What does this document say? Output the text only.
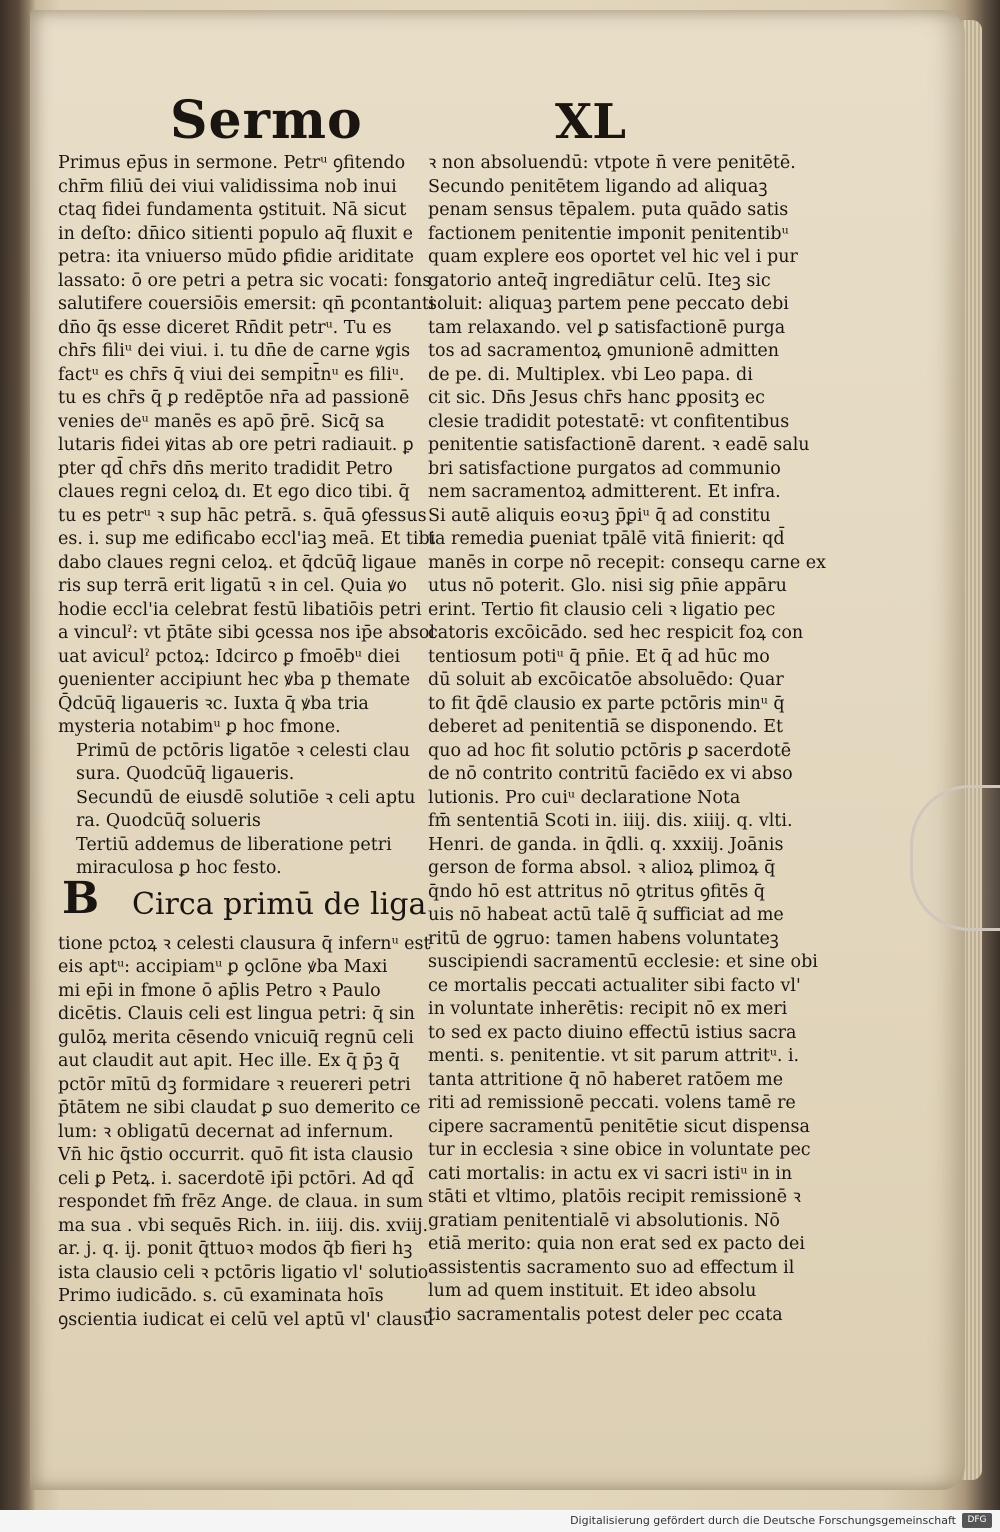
Sermo	XL

Primus ep̄us in sermone. Petrᵘ ꝯfitendo

chr̄m filiū dei viui validissima nob inui

ctaq fidei fundamenta ꝯstituit. Nā sicut

in deſto: dn̄ico sitienti populo aq̄ fluxit e

petra: ita vniuerso mūdo ꝑfidie ariditate

lassato: ō ore petri a petra sic vocati: fons

salutifere couersiōis emersit: qn̄ ꝑcontanti

dn̄o q̄s esse diceret Rn̄dit petrᵘ. Tu es

chr̄s filiᵘ dei viui. i. tu dn̄e de carne ꝟgis

factᵘ es chr̄s q̄ viui dei sempit̄nᵘ es filiᵘ.

tu es chr̄s q̄ ꝑ redēptōe nr̄a ad passionē

venies deᵘ manēs es apō p̄rē. Sicq̄ sa

lutaris fidei ꝟitas ab ore petri radiauit. ꝑ

pter qd̄ chr̄s dn̄s merito tradidit Petro

claues regni celoꝝ dı. Et ego dico tibi. q̄

tu es petrᵘ ꝛ sup hāc petrā. s. q̄uā ꝯfessus

es. i. sup me edificabo eccl'iaꝫ meā. Et tibi

dabo claues regni celoꝝ. et q̄dcūq̄ ligaue

ris sup terrā erit ligatū ꝛ in cel. Quia ꝟo

hodie eccl'ia celebrat festū libatiōis petri

a vinculˀ: vt p̄tāte sibi ꝯcessa nos ip̄e absol

uat aviculˀ pctoꝝ: Idcirco ꝑ fmoēbᵘ diei

ꝯuenienter accipiunt hec ꝟba p themate

Q̄dcūq̄ ligaueris ꝛc. Iuxta q̄ ꝟba tria

mysteria notabimᵘ ꝑ hoc fmone.

Primū de pctōris ligatōe ꝛ celesti clau

sura. Quodcūq̄ ligaueris.

Secundū de eiusdē solutiōe ꝛ celi aptu

ra. Quodcūq̄ solueris

Tertiū addemus de liberatione petri

miraculosa ꝑ hoc festo.

B Circa primū de liga

tione pctoꝝ ꝛ celesti clausura q̄ infernᵘ est

eis aptᵘ: accipiamᵘ ꝑ ꝯclōne ꝟba Maxi

mi ep̄i in fmone ō ap̄lis Petro ꝛ Paulo

dicētis. Clauis celi est lingua petri: q̄ sin

gulōꝝ merita cēsendo vnicuiq̄ regnū celi

aut claudit aut apit. Hec ille. Ex q̄ p̄ꝫ q̄

pctōr mītū dꝫ formidare ꝛ reuereri petri

p̄tātem ne sibi claudat ꝑ suo demerito ce

lum: ꝛ obligatū decernat ad infernum.

Vn̄ hic q̄stio occurrit. quō fit ista clausio

celi ꝑ Petꝝ. i. sacerdotē ip̄i pctōri. Ad qd̄

respondet fm̄ frēz Ange. de claua. in sum

ma sua . vbi sequēs Rich. in. iiij. dis. xviij.

ar. j. q. ij. ponit q̄ttuoꝛ modos q̄b fieri hꝫ

ista clausio celi ꝛ pctōris ligatio vl' solutio

Primo iudicādo. s. cū examinata hoīs

ꝯscientia iudicat ei celū vel aptū vl' clausū

ꝛ non absoluendū: vtpote n̄ vere penitētē.

Secundo penitētem ligando ad aliquaꝫ

penam sensus tēpalem. puta quādo satis

factionem penitentie imponit penitentibᵘ

quam explere eos oportet vel hic vel i pur

gatorio anteq̄ ingrediātur celū. Iteꝫ sic

soluit: aliquaꝫ partem pene peccato debi

tam relaxando. vel ꝑ satisfactionē purga

tos ad sacramentoꝝ ꝯmunionē admitten

de pe. di. Multiplex. vbi Leo papa. di

cit sic. Dn̄s Jesus chr̄s hanc ꝑpositꝫ ec

clesie tradidit potestatē: vt confitentibus

penitentie satisfactionē darent. ꝛ eadē salu

bri satisfactione purgatos ad communio

nem sacramentoꝝ admitterent. Et infra.

Si autē aliquis eoꝛuꝫ p̄ꝑiᵘ q̄ ad constitu

ta remedia ꝑueniat tpālē vitā finierit: qd̄

manēs in corpe nō recepit: consequ carne ex

utus nō poterit. Glo. nisi sig pn̄ie appāru

erint. Tertio fit clausio celi ꝛ ligatio pec

catoris excōicādo. sed hec respicit foꝝ con

tentiosum potiᵘ q̄ pn̄ie. Et q̄ ad hūc mo

dū soluit ab excōicatōe absoluēdo: Quar

to fit q̄dē clausio ex parte pctōris minᵘ q̄

deberet ad penitentiā se disponendo. Et

quo ad hoc fit solutio pctōris ꝑ sacerdotē

de nō contrito contritū faciēdo ex vi abso

lutionis. Pro cuiᵘ declaratione Nota

fm̄ sententiā Scoti in. iiij. dis. xiiij. q. vlti.

Henri. de ganda. in q̄dli. q. xxxiij. Joānis

gerson de forma absol. ꝛ alioꝝ plimoꝝ q̄

q̄ndo hō est attritus nō ꝯtritus ꝯfitēs q̄

uis nō habeat actū talē q̄ sufficiat ad me

ritū de ꝯgruo: tamen habens voluntateꝫ

suscipiendi sacramentū ecclesie: et sine obi

ce mortalis peccati actualiter sibi facto vl'

in voluntate inherētis: recipit nō ex meri

to sed ex pacto diuino effectū istius sacra

menti. s. penitentie. vt sit parum attritᵘ. i.

tanta attritione q̄ nō haberet ratōem me

riti ad remissionē peccati. volens tamē re

cipere sacramentū penitētie sicut dispensa

tur in ecclesia ꝛ sine obice in voluntate pec

cati mortalis: in actu ex vi sacri istiᵘ in in

stāti et vltimo, platōis recipit remissionē ꝛ

gratiam penitentialē vi absolutionis. Nō

etiā merito: quia non erat sed ex pacto dei

assistentis sacramento suo ad effectum il

lum ad quem instituit. Et ideo absolu

tio sacramentalis potest deler pec ccata

Digitalisierung gefördert durch die Deutsche Forschungsgemeinschaft	DFG
